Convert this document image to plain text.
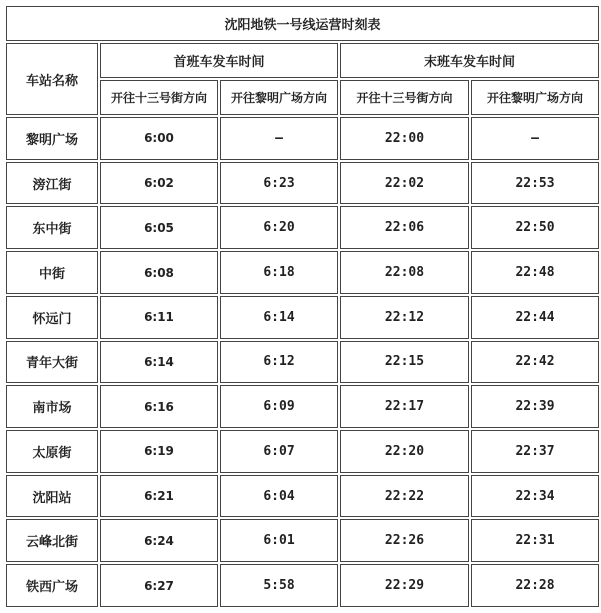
沈阳地铁一号线运营时刻表				
车站名称	首班车发车时间		末班车发车时间	
	开往十三号街方向	开往黎明广场方向	开往十三号街方向	开往黎明广场方向
黎明广场	6:00	—	22:00	—
滂江街	6:02	6:23	22:02	22:53
东中街	6:05	6:20	22:06	22:50
中街	6:08	6:18	22:08	22:48
怀远门	6:11	6:14	22:12	22:44
青年大街	6:14	6:12	22:15	22:42
南市场	6:16	6:09	22:17	22:39
太原街	6:19	6:07	22:20	22:37
沈阳站	6:21	6:04	22:22	22:34
云峰北街	6:24	6:01	22:26	22:31
铁西广场	6:27	5:58	22:29	22:28
